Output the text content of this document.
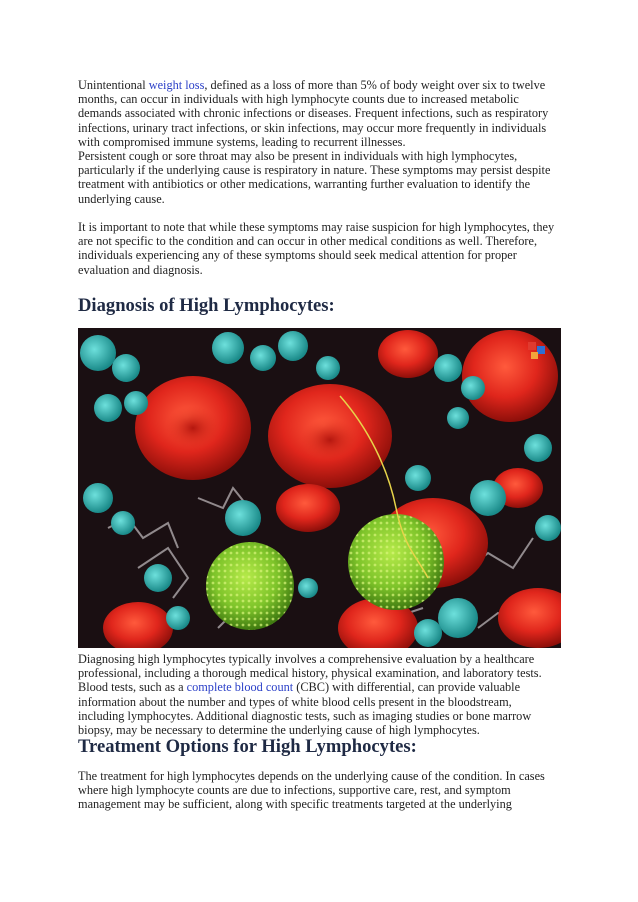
Unintentional weight loss, defined as a loss of more than 5% of body weight over six to twelve
months, can occur in individuals with high lymphocyte counts due to increased metabolic
demands associated with chronic infections or diseases. Frequent infections, such as respiratory
infections, urinary tract infections, or skin infections, may occur more frequently in individuals
with compromised immune systems, leading to recurrent illnesses.
Persistent cough or sore throat may also be present in individuals with high lymphocytes,
particularly if the underlying cause is respiratory in nature. These symptoms may persist despite
treatment with antibiotics or other medications, warranting further evaluation to identify the
underlying cause.

It is important to note that while these symptoms may raise suspicion for high lymphocytes, they
are not specific to the condition and can occur in other medical conditions as well. Therefore,
individuals experiencing any of these symptoms should seek medical attention for proper
evaluation and diagnosis.

Diagnosis of High Lymphocytes:

Diagnosing high lymphocytes typically involves a comprehensive evaluation by a healthcare
professional, including a thorough medical history, physical examination, and laboratory tests.
Blood tests, such as a complete blood count (CBC) with differential, can provide valuable
information about the number and types of white blood cells present in the bloodstream,
including lymphocytes. Additional diagnostic tests, such as imaging studies or bone marrow
biopsy, may be necessary to determine the underlying cause of high lymphocytes.

Treatment Options for High Lymphocytes:

The treatment for high lymphocytes depends on the underlying cause of the condition. In cases
where high lymphocyte counts are due to infections, supportive care, rest, and symptom
management may be sufficient, along with specific treatments targeted at the underlying
